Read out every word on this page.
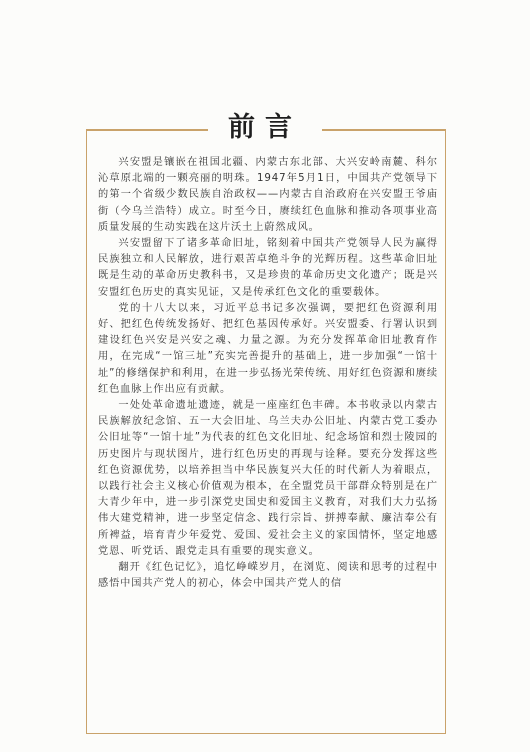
前言

兴安盟是镶嵌在祖国北疆、内蒙古东北部、大兴安岭南麓、科尔沁草原北端的一颗亮丽的明珠。1947年5月1日，中国共产党领导下的第一个省级少数民族自治政权——内蒙古自治政府在兴安盟王爷庙街（今乌兰浩特）成立。时至今日，赓续红色血脉和推动各项事业高质量发展的生动实践在这片沃土上蔚然成风。

兴安盟留下了诸多革命旧址，铭刻着中国共产党领导人民为赢得民族独立和人民解放，进行艰苦卓绝斗争的光辉历程。这些革命旧址既是生动的革命历史教科书，又是珍贵的革命历史文化遗产；既是兴安盟红色历史的真实见证，又是传承红色文化的重要载体。

党的十八大以来，习近平总书记多次强调，要把红色资源利用好、把红色传统发扬好、把红色基因传承好。兴安盟委、行署认识到建设红色兴安是兴安之魂、力量之源。为充分发挥革命旧址教育作用，在完成“一馆三址”充实完善提升的基础上，进一步加强“一馆十址”的修缮保护和利用，在进一步弘扬光荣传统、用好红色资源和赓续红色血脉上作出应有贡献。

一处处革命遗址遗迹，就是一座座红色丰碑。本书收录以内蒙古民族解放纪念馆、五一大会旧址、乌兰夫办公旧址、内蒙古党工委办公旧址等“一馆十址”为代表的红色文化旧址、纪念场馆和烈士陵园的历史图片与现状图片，进行红色历史的再现与诠释。要充分发挥这些红色资源优势，以培养担当中华民族复兴大任的时代新人为着眼点，以践行社会主义核心价值观为根本，在全盟党员干部群众特别是在广大青少年中，进一步引深党史国史和爱国主义教育，对我们大力弘扬伟大建党精神，进一步坚定信念、践行宗旨、拼搏奉献、廉洁奉公有所裨益，培育青少年爱党、爱国、爱社会主义的家国情怀，坚定地感党恩、听党话、跟党走具有重要的现实意义。

翻开《红色记忆》，追忆峥嵘岁月，在浏览、阅读和思考的过程中感悟中国共产党人的初心，体会中国共产党人的信
